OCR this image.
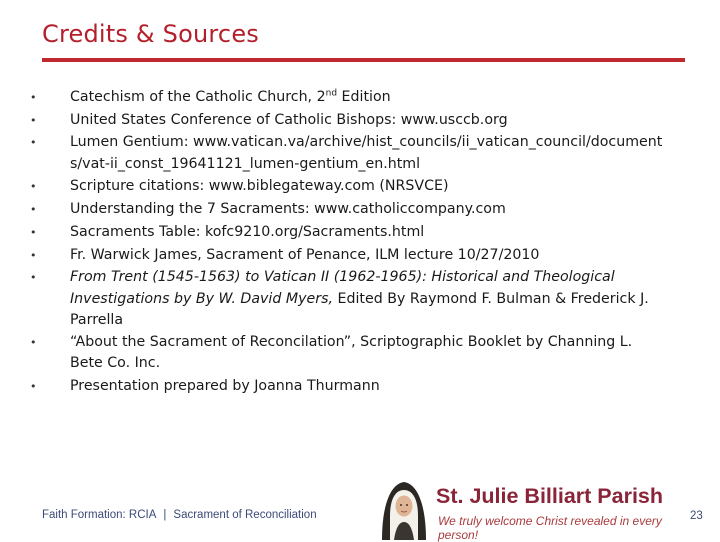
Credits & Sources
• Catechism of the Catholic Church, 2nd Edition
• United States Conference of Catholic Bishops: www.usccb.org
• Lumen Gentium: www.vatican.va/archive/hist_councils/ii_vatican_council/documents/vat-ii_const_19641121_lumen-gentium_en.html
• Scripture citations: www.biblegateway.com (NRSVCE)
• Understanding the 7 Sacraments: www.catholiccompany.com
• Sacraments Table: kofc9210.org/Sacraments.html
• Fr. Warwick James, Sacrament of Penance, ILM lecture 10/27/2010
• From Trent (1545-1563) to Vatican II (1962-1965): Historical and Theological Investigations by By W. David Myers, Edited By Raymond F. Bulman & Frederick J. Parrella
• “About the Sacrament of Reconcilation”, Scriptographic Booklet by Channing L. Bete Co. Inc.
• Presentation prepared by Joanna Thurmann
Faith Formation: RCIA | Sacrament of Reconciliation
St. Julie Billiart Parish
We truly welcome Christ revealed in every person!
23
